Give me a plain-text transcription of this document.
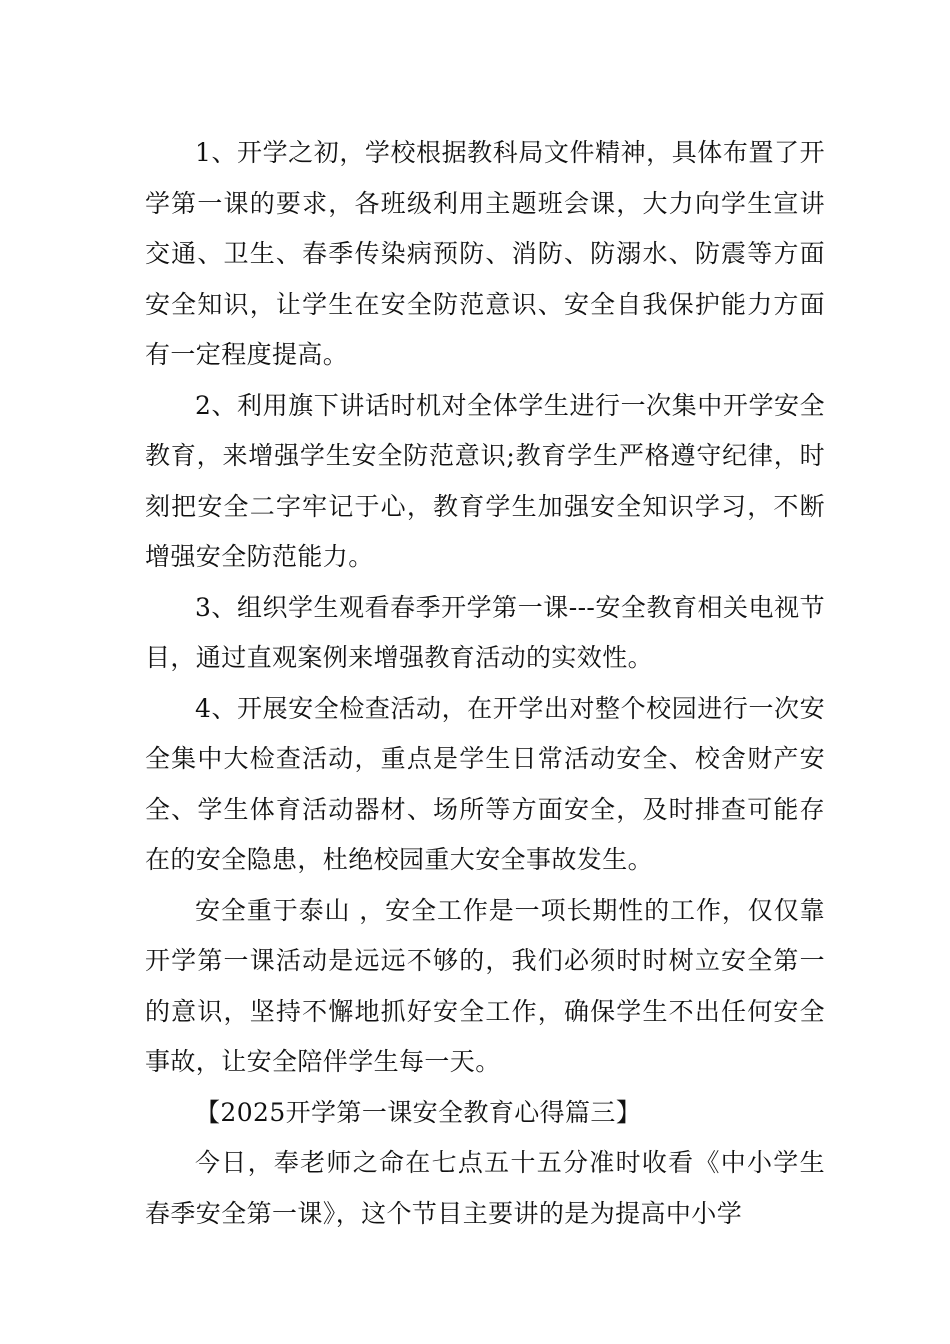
1、开学之初，学校根据教科局文件精神，具体布置了开学第一课的要求，各班级利用主题班会课，大力向学生宣讲交通、卫生、春季传染病预防、消防、防溺水、防震等方面安全知识，让学生在安全防范意识、安全自我保护能力方面有一定程度提高。

2、利用旗下讲话时机对全体学生进行一次集中开学安全教育，来增强学生安全防范意识;教育学生严格遵守纪律，时刻把安全二字牢记于心，教育学生加强安全知识学习，不断增强安全防范能力。

3、组织学生观看春季开学第一课---安全教育相关电视节目，通过直观案例来增强教育活动的实效性。

4、开展安全检查活动，在开学出对整个校园进行一次安全集中大检查活动，重点是学生日常活动安全、校舍财产安全、学生体育活动器材、场所等方面安全，及时排查可能存在的安全隐患，杜绝校园重大安全事故发生。

安全重于泰山 ，安全工作是一项长期性的工作，仅仅靠开学第一课活动是远远不够的，我们必须时时树立安全第一的意识，坚持不懈地抓好安全工作，确保学生不出任何安全事故，让安全陪伴学生每一天。

【2025开学第一课安全教育心得篇三】

今日，奉老师之命在七点五十五分准时收看《中小学生春季安全第一课》，这个节目主要讲的是为提高中小学
